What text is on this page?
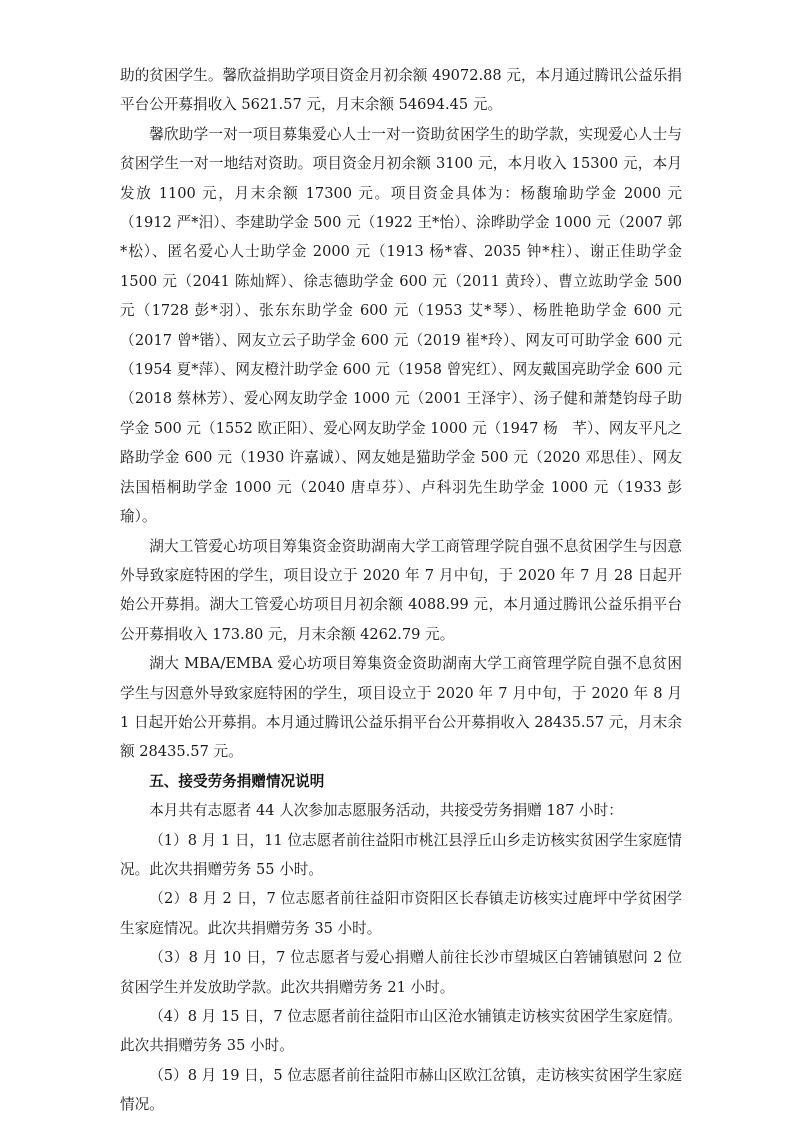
助的贫困学生。馨欣益捐助学项目资金月初余额 49072.88 元，本月通过腾讯公益乐捐平台公开募捐收入 5621.57 元，月末余额 54694.45 元。

馨欣助学一对一项目募集爱心人士一对一资助贫困学生的助学款，实现爱心人士与贫困学生一对一地结对资助。项目资金月初余额 3100 元，本月收入 15300 元，本月发放 1100 元，月末余额 17300 元。项目资金具体为：杨馥瑜助学金 2000 元（1912 严*汨）、李建助学金 500 元（1922 王*怡）、涂晔助学金 1000 元（2007 郭*松）、匿名爱心人士助学金 2000 元（1913 杨*睿、2035 钟*柱）、谢正佳助学金 1500 元（2041 陈灿辉）、徐志德助学金 600 元（2011 黄玲）、曹立竑助学金 500 元（1728 彭*羽）、张东东助学金 600 元（1953 艾*琴）、杨胜艳助学金 600 元（2017 曾*锴）、网友立云子助学金 600 元（2019 崔*玲）、网友可可助学金 600 元（1954 夏*萍）、网友橙汁助学金 600 元（1958 曾宪红）、网友戴国亮助学金 600 元（2018 蔡林芳）、爱心网友助学金 1000 元（2001 王泽宇）、汤子健和萧楚钧母子助学金 500 元（1552 欧正阳）、爱心网友助学金 1000 元（1947 杨　芊）、网友平凡之路助学金 600 元（1930 许嘉诚）、网友她是猫助学金 500 元（2020 邓思佳）、网友法国梧桐助学金 1000 元（2040 唐卓芬）、卢科羽先生助学金 1000 元（1933 彭瑜）。

湖大工管爱心坊项目筹集资金资助湖南大学工商管理学院自强不息贫困学生与因意外导致家庭特困的学生，项目设立于 2020 年 7 月中旬，于 2020 年 7 月 28 日起开始公开募捐。湖大工管爱心坊项目月初余额 4088.99 元，本月通过腾讯公益乐捐平台公开募捐收入 173.80 元，月末余额 4262.79 元。

湖大 MBA/EMBA 爱心坊项目筹集资金资助湖南大学工商管理学院自强不息贫困学生与因意外导致家庭特困的学生，项目设立于 2020 年 7 月中旬，于 2020 年 8 月 1 日起开始公开募捐。本月通过腾讯公益乐捐平台公开募捐收入 28435.57 元，月末余额 28435.57 元。

五、接受劳务捐赠情况说明

本月共有志愿者 44 人次参加志愿服务活动，共接受劳务捐赠 187 小时：

（1）8 月 1 日，11 位志愿者前往益阳市桃江县浮丘山乡走访核实贫困学生家庭情况。此次共捐赠劳务 55 小时。

（2）8 月 2 日，7 位志愿者前往益阳市资阳区长春镇走访核实过鹿坪中学贫困学生家庭情况。此次共捐赠劳务 35 小时。

（3）8 月 10 日，7 位志愿者与爱心捐赠人前往长沙市望城区白箬铺镇慰问 2 位贫困学生并发放助学款。此次共捐赠劳务 21 小时。

（4）8 月 15 日，7 位志愿者前往益阳市山区沧水铺镇走访核实贫困学生家庭情。此次共捐赠劳务 35 小时。

（5）8 月 19 日，5 位志愿者前往益阳市赫山区欧江岔镇，走访核实贫困学生家庭情况。
